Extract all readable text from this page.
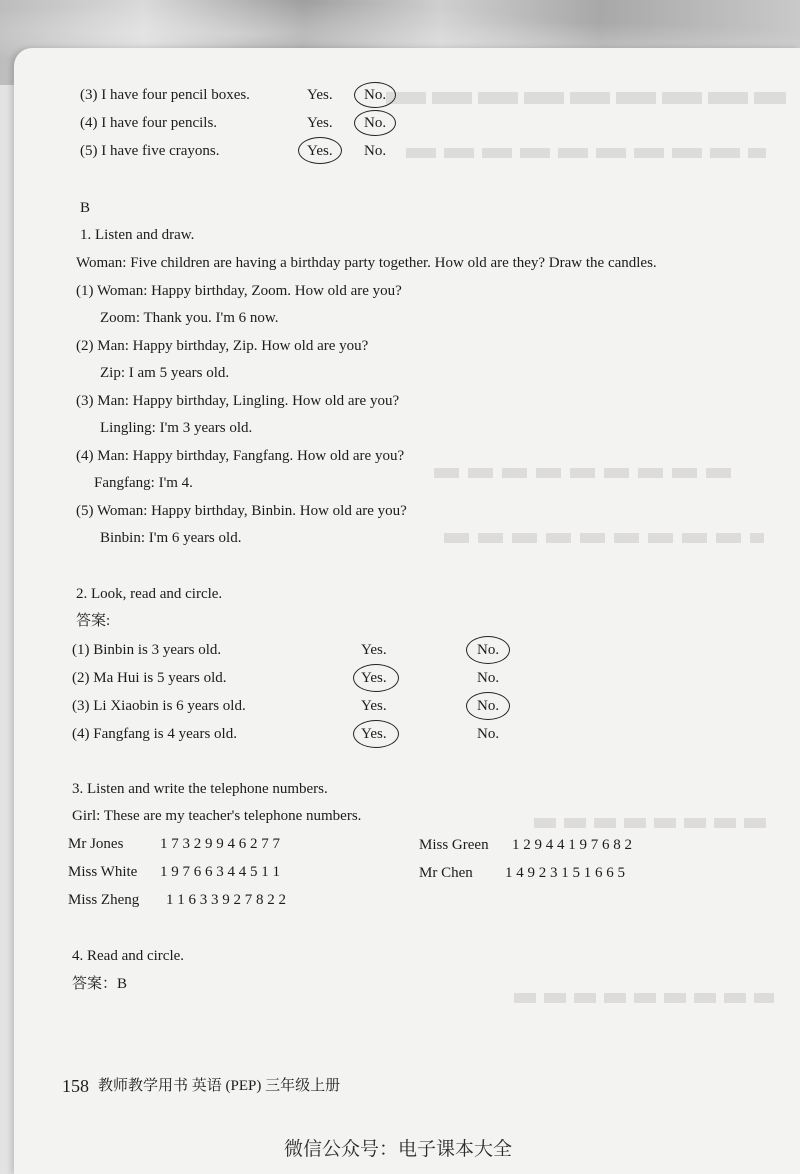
(3) I have four pencil boxes.	Yes. No.
(4) I have four pencils.	Yes. No.
(5) I have five crayons.	Yes. No.
B
1. Listen and draw.
Woman: Five children are having a birthday party together. How old are they? Draw the candles.
(1) Woman: Happy birthday, Zoom. How old are you?
Zoom: Thank you. I'm 6 now.
(2) Man: Happy birthday, Zip. How old are you?
Zip: I am 5 years old.
(3) Man: Happy birthday, Lingling. How old are you?
Lingling: I'm 3 years old.
(4) Man: Happy birthday, Fangfang. How old are you?
Fangfang: I'm 4.
(5) Woman: Happy birthday, Binbin. How old are you?
Binbin: I'm 6 years old.
2. Look, read and circle.
答案:
(1) Binbin is 3 years old.	Yes.	No.
(2) Ma Hui is 5 years old.	Yes.	No.
(3) Li Xiaobin is 6 years old.	Yes.	No.
(4) Fangfang is 4 years old.	Yes.	No.
3. Listen and write the telephone numbers.
Girl: These are my teacher's telephone numbers.
Mr Jones 1 7 3 2 9 9 4 6 2 7 7
Miss White 1 9 7 6 6 3 4 4 5 1 1
Miss Zheng 1 1 6 3 3 9 2 7 8 2 2
Miss Green 1 2 9 4 4 1 9 7 6 8 2
Mr Chen 1 4 9 2 3 1 5 1 6 6 5
4. Read and circle.
答案：B
158 教师教学用书 英语 (PEP) 三年级上册
微信公众号：电子课本大全
